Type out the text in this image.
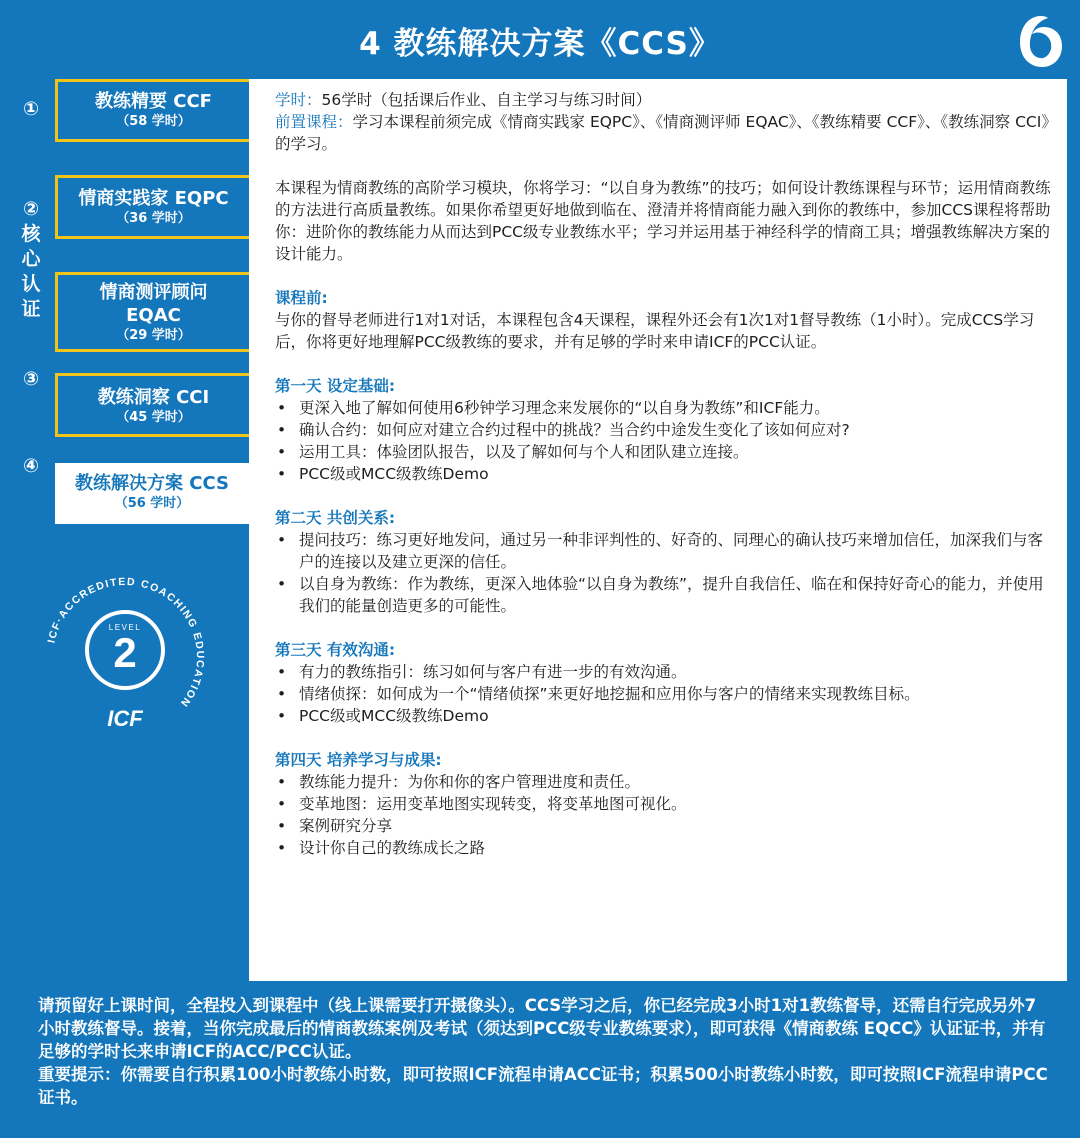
4 教练解决方案《CCS》
①
②
核
心
认
证
③
④
教练精要 CCF
（58 学时）
情商实践家 EQPC
（36 学时）
情商测评顾问
EQAC
（29 学时）
教练洞察 CCI
（45 学时）
教练解决方案 CCS
（56 学时）
ICF·ACCREDITED COACHING EDUCATION
LEVEL
2
ICF
学时：56学时（包括课后作业、自主学习与练习时间）
前置课程：学习本课程前须完成《情商实践家 EQPC》、《情商测评师 EQAC》、《教练精要 CCF》、《教练洞察 CCI》的学习。
本课程为情商教练的高阶学习模块，你将学习：“以自身为教练”的技巧；如何设计教练课程与环节；运用情商教练的方法进行高质量教练。如果你希望更好地做到临在、澄清并将情商能力融入到你的教练中，参加CCS课程将帮助你：进阶你的教练能力从而达到PCC级专业教练水平；学习并运用基于神经科学的情商工具；增强教练解决方案的设计能力。
课程前:
与你的督导老师进行1对1对话，本课程包含4天课程，课程外还会有1次1对1督导教练（1小时）。完成CCS学习后，你将更好地理解PCC级教练的要求，并有足够的学时来申请ICF的PCC认证。
第一天 设定基础:
• 更深入地了解如何使用6秒钟学习理念来发展你的“以自身为教练”和ICF能力。
• 确认合约：如何应对建立合约过程中的挑战？当合约中途发生变化了该如何应对?
• 运用工具：体验团队报告，以及了解如何与个人和团队建立连接。
• PCC级或MCC级教练Demo
第二天 共创关系:
• 提问技巧：练习更好地发问，通过另一种非评判性的、好奇的、同理心的确认技巧来增加信任，加深我们与客户的连接以及建立更深的信任。
• 以自身为教练：作为教练，更深入地体验“以自身为教练”，提升自我信任、临在和保持好奇心的能力，并使用我们的能量创造更多的可能性。
第三天 有效沟通:
• 有力的教练指引：练习如何与客户有进一步的有效沟通。
• 情绪侦探：如何成为一个“情绪侦探”来更好地挖掘和应用你与客户的情绪来实现教练目标。
• PCC级或MCC级教练Demo
第四天 培养学习与成果:
• 教练能力提升：为你和你的客户管理进度和责任。
• 变革地图：运用变革地图实现转变，将变革地图可视化。
• 案例研究分享
• 设计你自己的教练成长之路
请预留好上课时间，全程投入到课程中（线上课需要打开摄像头）。CCS学习之后，你已经完成3小时1对1教练督导，还需自行完成另外7小时教练督导。接着，当你完成最后的情商教练案例及考试（须达到PCC级专业教练要求），即可获得《情商教练 EQCC》认证证书，并有足够的学时长来申请ICF的ACC/PCC认证。
重要提示：你需要自行积累100小时教练小时数，即可按照ICF流程申请ACC证书；积累500小时教练小时数，即可按照ICF流程申请PCC证书。
